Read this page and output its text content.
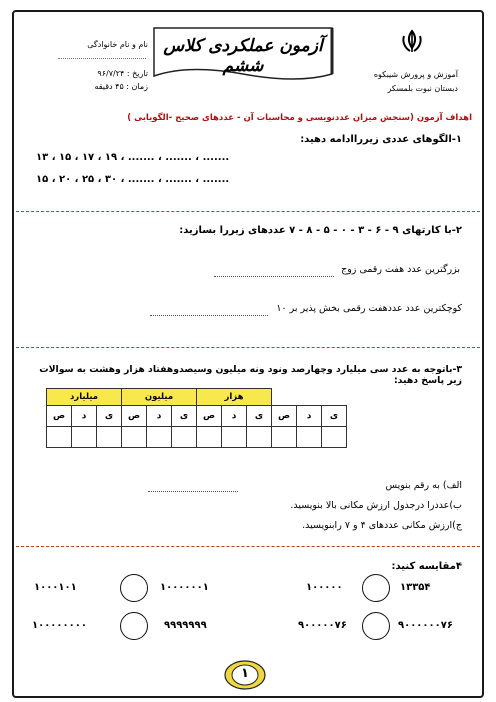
آموزش و پرورش شیبکوه
دبستان نبوت بلمسکر
آزمون عملکردی کلاس ششم
نام و نام خانوادگی
تاریخ : ۹۶/۷/۲۴
زمان : ۴۵ دقیقه
اهداف آزمون (سنجش میزان عددنویسی و محاسبات آن - عددهای صحیح -الگویابی )
۱-الگوهای عددی زیرراادامه دهید:
۱۳ ، ۱۵ ، ۱۷ ، ۱۹ ، ....... ، ....... ، .......
۱۵ ، ۲۰ ، ۲۵ ، ۳۰ ، ....... ، ....... ، .......
۲-با کارتهای ۹ - ۶ - ۳ - ۰ - ۵ - ۸ - ۷ عددهای زیررا بسازید:
بزرگترین عدد هفت رقمی زوج
کوچکترین عدد عددهفت رقمی بخش پذیر بر ۱۰
۳-باتوجه به عدد سی میلیارد وچهارصد ونود ونه میلیون وسیصدوهفتاد هزار وهشت به سوالات زیر پاسخ دهید:
میلیارد			میلیون			هزار					
ص	د	ی	ص	د	ی	ص	د	ی	ص	د	ی

الف) به رقم بنویس
ب)عددرا درجدول ارزش مکانی بالا بنویسید.
ج)ارزش مکانی عددهای ۴ و ۷ رابنویسید.
۴مقایسه کنید:
۱۰۰۰۱۰۱	۱۰۰۰۰۰۰۱	۱۰۰۰۰۰	۱۳۳۵۴
۱۰۰۰۰۰۰۰۰	۹۹۹۹۹۹۹	۹۰۰۰۰۰۷۶	۹۰۰۰۰۰۰۷۶
۱
